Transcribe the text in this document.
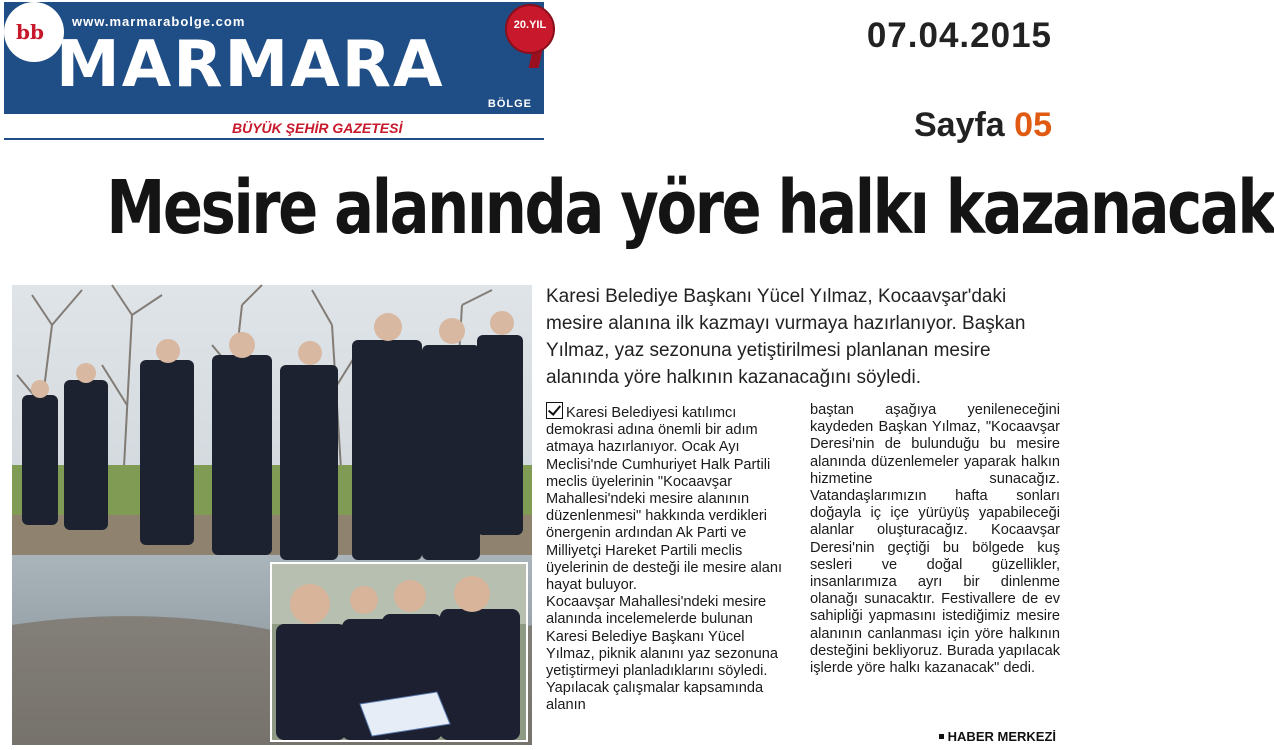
bb www.marmarabolge.com
MARMARA
BÖLGE
20.YIL
BÜYÜK ŞEHİR GAZETESİ
07.04.2015
Sayfa 05
Mesire alanında yöre halkı kazanacak
Karesi Belediye Başkanı Yücel Yılmaz, Kocaavşar'daki mesire alanına ilk kazmayı vurmaya hazırlanıyor. Başkan Yılmaz, yaz sezonuna yetiştirilmesi planlanan mesire alanında yöre halkının kazanacağını söyledi.

Karesi Belediyesi katılımcı demokrasi adına önemli bir adım atmaya hazırlanıyor. Ocak Ayı Meclisi'nde Cumhuriyet Halk Partili meclis üyelerinin "Kocaavşar Mahallesi'ndeki mesire alanının düzenlenmesi" hakkında verdikleri önergenin ardından Ak Parti ve Milliyetçi Hareket Partili meclis üyelerinin de desteği ile mesire alanı hayat buluyor.

Kocaavşar Mahallesi'ndeki mesire alanında incelemelerde bulunan Karesi Belediye Başkanı Yücel Yılmaz, piknik alanını yaz sezonuna yetiştirmeyi planladıklarını söyledi. Yapılacak çalışmalar kapsamında alanın

baştan aşağıya yenileneceğini kaydeden Başkan Yılmaz, "Kocaavşar Deresi'nin de bulunduğu bu mesire alanında düzenlemeler yaparak halkın hizmetine sunacağız. Vatandaşlarımızın hafta sonları doğayla iç içe yürüyüş yapabileceği alanlar oluşturacağız. Kocaavşar Deresi'nin geçtiği bu bölgede kuş sesleri ve doğal güzellikler, insanlarımıza ayrı bir dinlenme olanağı sunacaktır. Festivallere de ev sahipliği yapmasını istediğimiz mesire alanının canlanması için yöre halkının desteğini bekliyoruz. Burada yapılacak işlerde yöre halkı kazanacak" dedi.

HABER MERKEZİ
